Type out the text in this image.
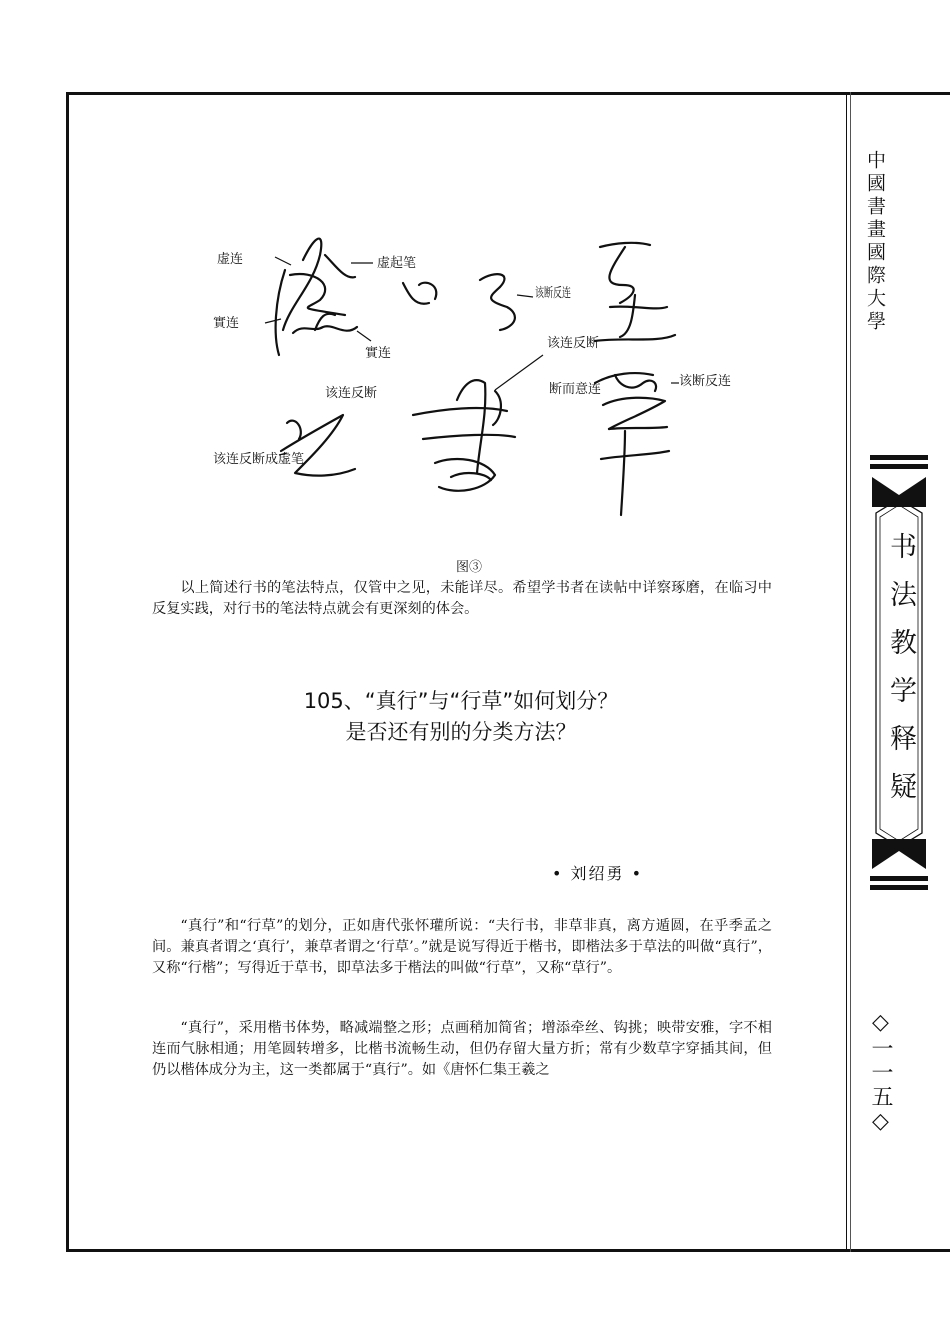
中國書畫國際大學
书法教学释疑
◇一一五◇
虚连	虚起笔
實连
實连
该断反连
该连反断
断而意连
该断反连
该连反断
该连反断成虚笔
图③

以上简述行书的笔法特点，仅管中之见，未能详尽。希望学书者在读帖中详察琢磨，在临习中反复实践，对行书的笔法特点就会有更深刻的体会。

105、“真行”与“行草”如何划分？
是否还有别的分类方法？
• 刘绍勇 •

“真行”和“行草”的划分，正如唐代张怀瓘所说：“夫行书，非草非真，离方遁圆，在乎季孟之间。兼真者谓之‘真行’，兼草者谓之‘行草’。”就是说写得近于楷书，即楷法多于草法的叫做“真行”，又称“行楷”；写得近于草书，即草法多于楷法的叫做“行草”，又称“草行”。

“真行”，采用楷书体势，略减端整之形；点画稍加简省；增添牵丝、钩挑；映带安雅，字不相连而气脉相通；用笔圆转增多，比楷书流畅生动，但仍存留大量方折；常有少数草字穿插其间，但仍以楷体成分为主，这一类都属于“真行”。如《唐怀仁集王羲之
